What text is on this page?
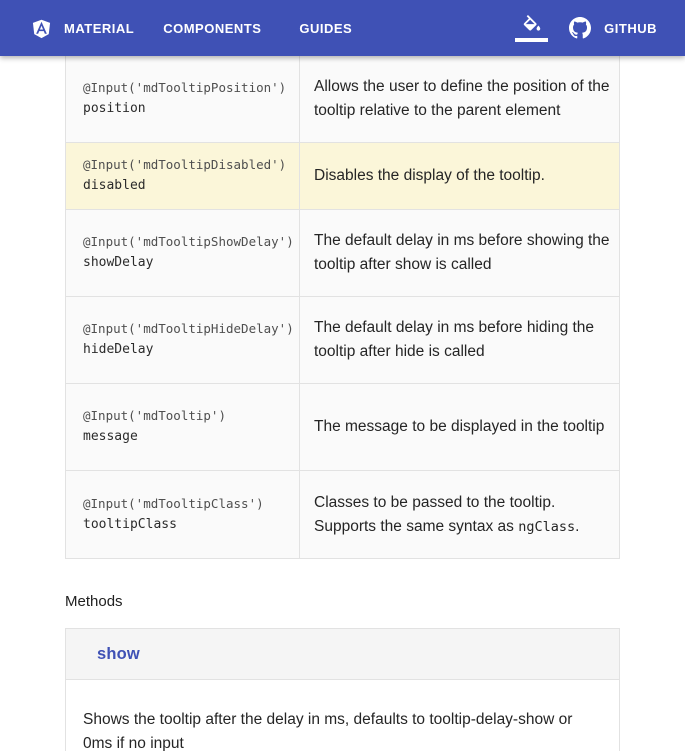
MATERIAL COMPONENTS	GUIDES	GITHUB
@Input('mdTooltipPosition')
position
Allows the user to define the position of the tooltip relative to the parent element
@Input('mdTooltipDisabled')
disabled
Disables the display of the tooltip.
@Input('mdTooltipShowDelay')
showDelay
The default delay in ms before showing the tooltip after show is called
@Input('mdTooltipHideDelay')
hideDelay
The default delay in ms before hiding the tooltip after hide is called
@Input('mdTooltip')
message
The message to be displayed in the tooltip
@Input('mdTooltipClass')
tooltipClass
Classes to be passed to the tooltip. Supports the same syntax as ngClass.
Methods
show
Shows the tooltip after the delay in ms, defaults to tooltip-delay-show or 0ms if no input
